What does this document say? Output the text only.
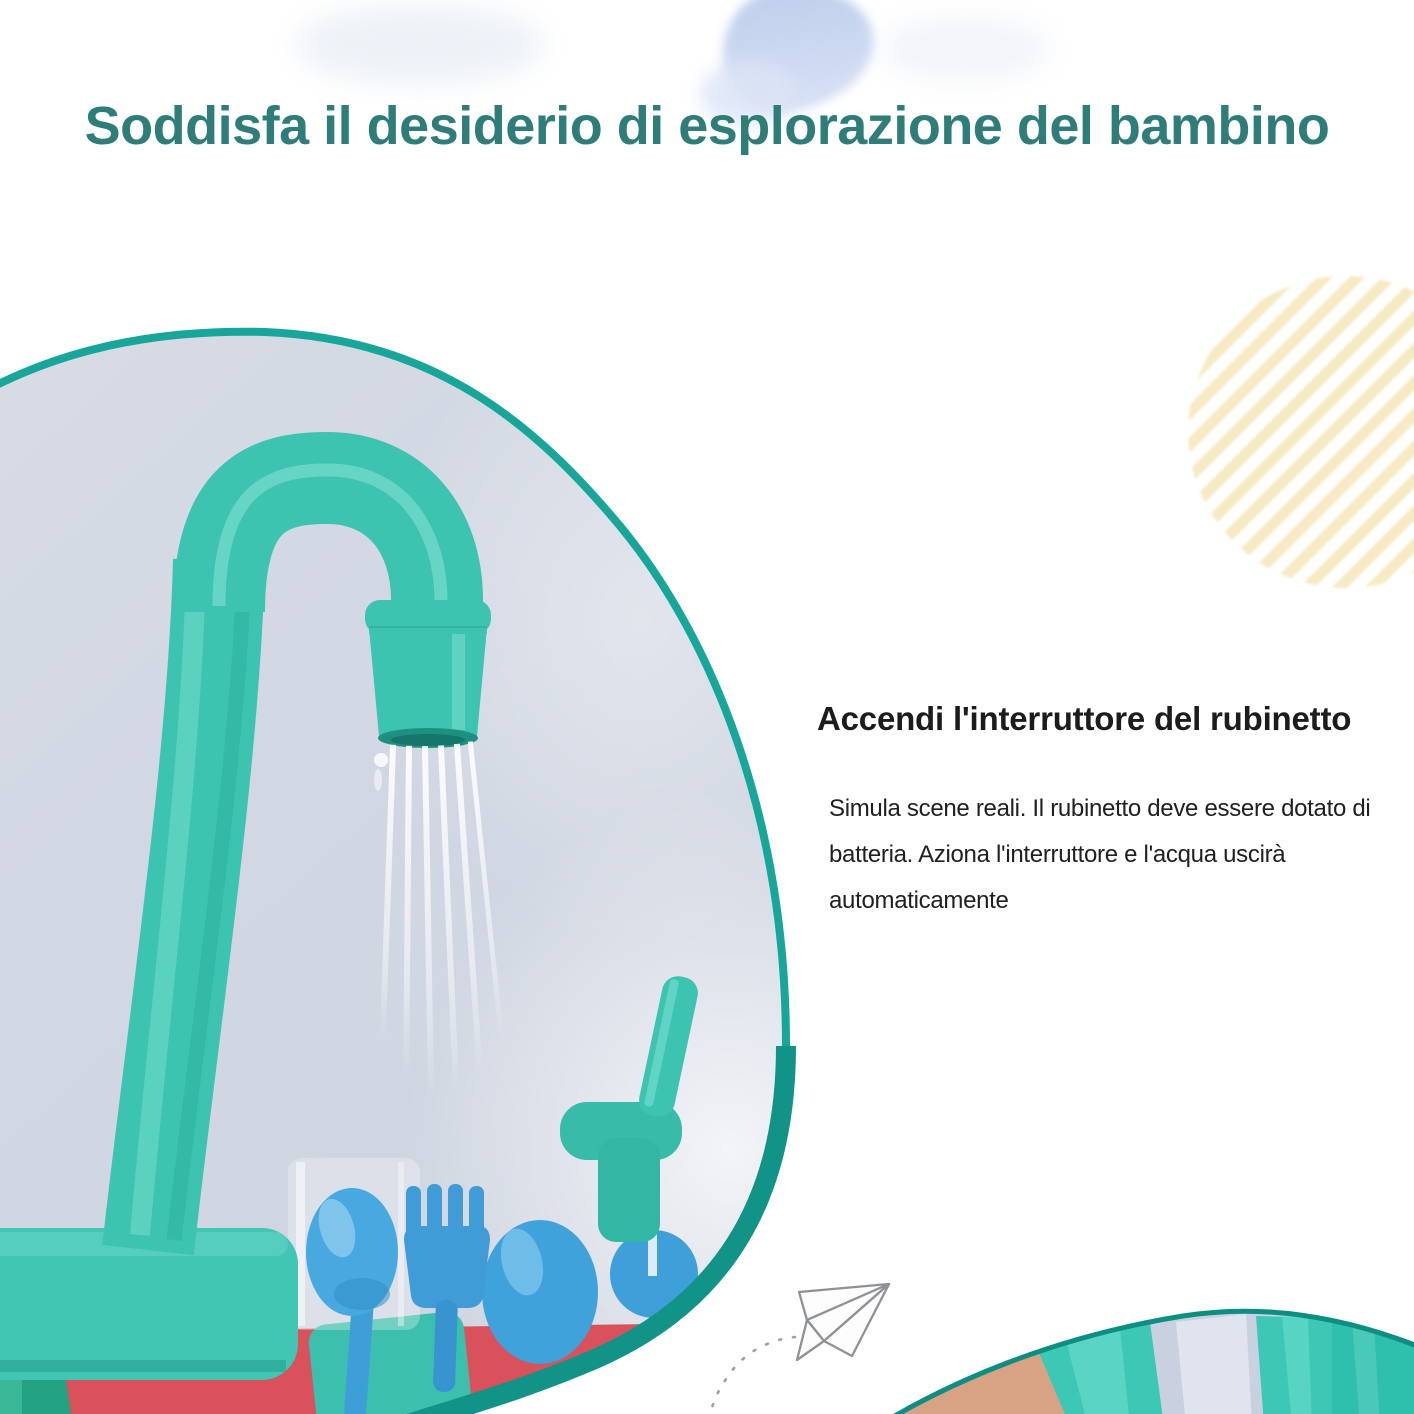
Soddisfa il desiderio di esplorazione del bambino
Accendi l'interruttore del rubinetto
Simula scene reali. Il rubinetto deve essere dotato di
batteria. Aziona l'interruttore e l'acqua uscirà
automaticamente
